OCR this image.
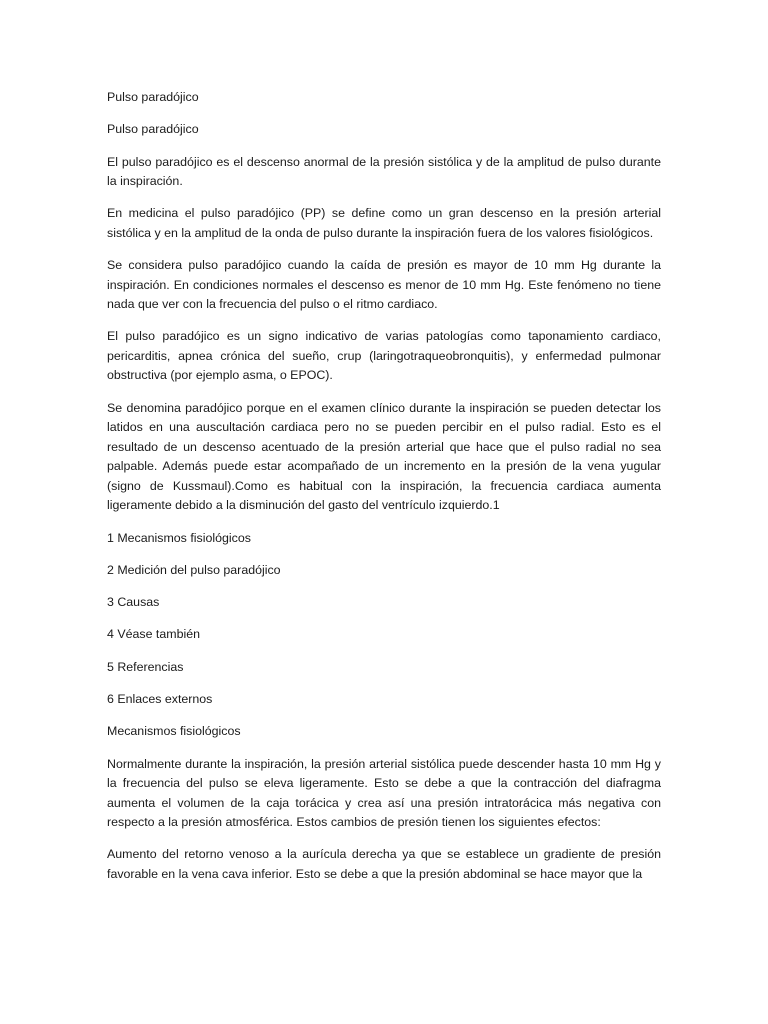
Pulso paradójico

Pulso paradójico

El pulso paradójico es el descenso anormal de la presión sistólica y de la amplitud de pulso durante la inspiración.

En medicina el pulso paradójico (PP) se define como un gran descenso en la presión arterial sistólica y en la amplitud de la onda de pulso durante la inspiración fuera de los valores fisiológicos.

Se considera pulso paradójico cuando la caída de presión es mayor de 10 mm Hg durante la inspiración. En condiciones normales el descenso es menor de 10 mm Hg. Este fenómeno no tiene nada que ver con la frecuencia del pulso o el ritmo cardiaco.

El pulso paradójico es un signo indicativo de varias patologías como taponamiento cardiaco, pericarditis, apnea crónica del sueño, crup (laringotraqueobronquitis), y enfermedad pulmonar obstructiva (por ejemplo asma, o EPOC).

Se denomina paradójico porque en el examen clínico durante la inspiración se pueden detectar los latidos en una auscultación cardiaca pero no se pueden percibir en el pulso radial. Esto es el resultado de un descenso acentuado de la presión arterial que hace que el pulso radial no sea palpable. Además puede estar acompañado de un incremento en la presión de la vena yugular (signo de Kussmaul).Como es habitual con la inspiración, la frecuencia cardiaca aumenta ligeramente debido a la disminución del gasto del ventrículo izquierdo.1

1 Mecanismos fisiológicos

2 Medición del pulso paradójico

3 Causas

4 Véase también

5 Referencias

6 Enlaces externos

Mecanismos fisiológicos

Normalmente durante la inspiración, la presión arterial sistólica puede descender hasta 10 mm Hg y la frecuencia del pulso se eleva ligeramente. Esto se debe a que la contracción del diafragma aumenta el volumen de la caja torácica y crea así una presión intratorácica más negativa con respecto a la presión atmosférica. Estos cambios de presión tienen los siguientes efectos:

Aumento del retorno venoso a la aurícula derecha ya que se establece un gradiente de presión favorable en la vena cava inferior. Esto se debe a que la presión abdominal se hace mayor que la
